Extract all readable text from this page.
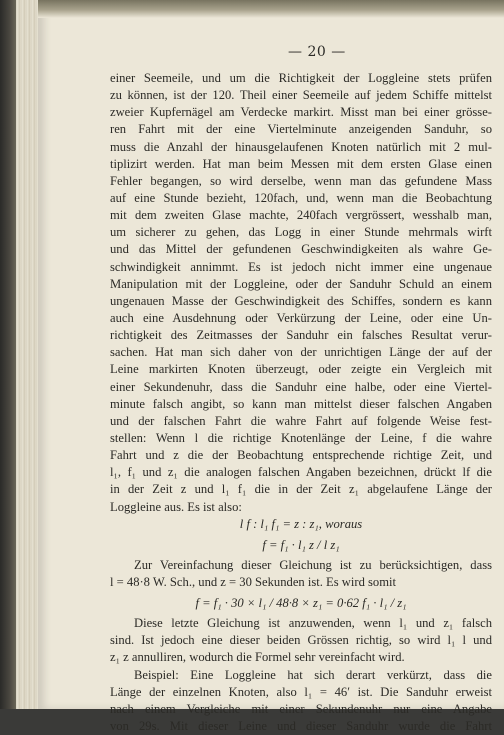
— 20 —
einer Seemeile, und um die Richtigkeit der Loggleine stets prüfen
zu können, ist der 120. Theil einer Seemeile auf jedem Schiffe mittelst
zweier Kupfernägel am Verdecke markirt. Misst man bei einer grösse-
ren Fahrt mit der eine Viertelminute anzeigenden Sanduhr, so
muss die Anzahl der hinausgelaufenen Knoten natürlich mit 2 mul-
tiplizirt werden. Hat man beim Messen mit dem ersten Glase einen
Fehler begangen, so wird derselbe, wenn man das gefundene Mass
auf eine Stunde bezieht, 120fach, und, wenn man die Beobachtung
mit dem zweiten Glase machte, 240fach vergrössert, wesshalb man,
um sicherer zu gehen, das Logg in einer Stunde mehrmals wirft
und das Mittel der gefundenen Geschwindigkeiten als wahre Ge-
schwindigkeit annimmt. Es ist jedoch nicht immer eine ungenaue
Manipulation mit der Loggleine, oder der Sanduhr Schuld an einem
ungenauen Masse der Geschwindigkeit des Schiffes, sondern es kann
auch eine Ausdehnung oder Verkürzung der Leine, oder eine Un-
richtigkeit des Zeitmasses der Sanduhr ein falsches Resultat verur-
sachen. Hat man sich daher von der unrichtigen Länge der auf der
Leine markirten Knoten überzeugt, oder zeigte ein Vergleich mit
einer Sekundenuhr, dass die Sanduhr eine halbe, oder eine Viertel-
minute falsch angibt, so kann man mittelst dieser falschen Angaben
und der falschen Fahrt die wahre Fahrt auf folgende Weise fest-
stellen: Wenn l die richtige Knotenlänge der Leine, f die wahre
Fahrt und z die der Beobachtung entsprechende richtige Zeit, und
l₁, f₁ und z₁ die analogen falschen Angaben bezeichnen, drückt lf die
in der Zeit z und l₁ f₁ die in der Zeit z₁ abgelaufene Länge der
Loggleine aus. Es ist also:
l f : l₁ f₁ = z : z₁, woraus
f = f₁ · l₁ z / l z₁
Zur Vereinfachung dieser Gleichung ist zu berücksichtigen, dass
l = 48·8 W. Sch., und z = 30 Sekunden ist. Es wird somit
f = f₁ · 30 × l₁ / 48·8 × z₁ = 0·62 f₁ · l₁ / z₁
Diese letzte Gleichung ist anzuwenden, wenn l₁ und z₁ falsch
sind. Ist jedoch eine dieser beiden Grössen richtig, so wird l₁ l und
z₁ z annulliren, wodurch die Formel sehr vereinfacht wird.
Beispiel: Eine Loggleine hat sich derart verkürzt, dass die
Länge der einzelnen Knoten, also l₁ = 46′ ist. Die Sanduhr erweist
nach einem Vergleiche mit einer Sekundenuhr nur eine Angabe
von 29s. Mit dieser Leine und dieser Sanduhr wurde die Fahrt
